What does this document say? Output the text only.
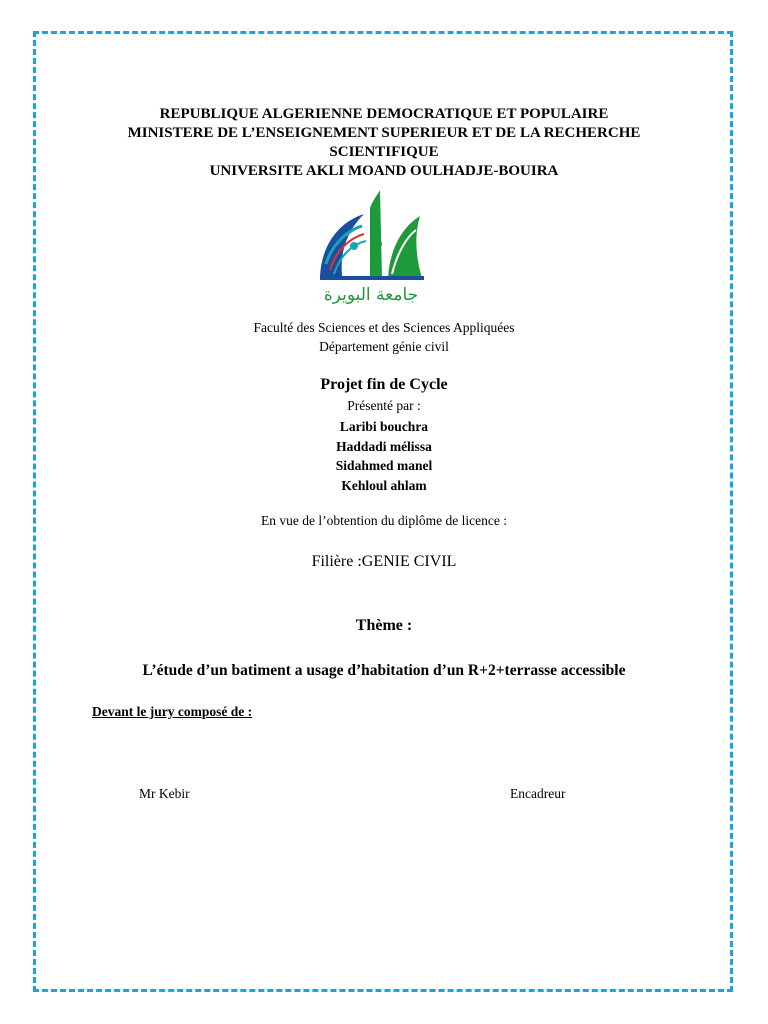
REPUBLIQUE ALGERIENNE DEMOCRATIQUE ET POPULAIRE
MINISTERE DE L’ENSEIGNEMENT SUPERIEUR ET DE LA RECHERCHE
SCIENTIFIQUE
UNIVERSITE AKLI MOAND OULHADJE-BOUIRA
جامعة البويرة
Faculté des Sciences et des Sciences Appliquées
Département génie civil
Projet fin de Cycle
Présenté par :
Laribi bouchra
Haddadi mélissa
Sidahmed manel
Kehloul ahlam
En vue de l’obtention du diplôme de licence :
Filière :GENIE CIVIL
Thème :
L’étude d’un batiment a usage d’habitation d’un R+2+terrasse accessible
Devant le jury composé de :
Mr Kebir	Encadreur
